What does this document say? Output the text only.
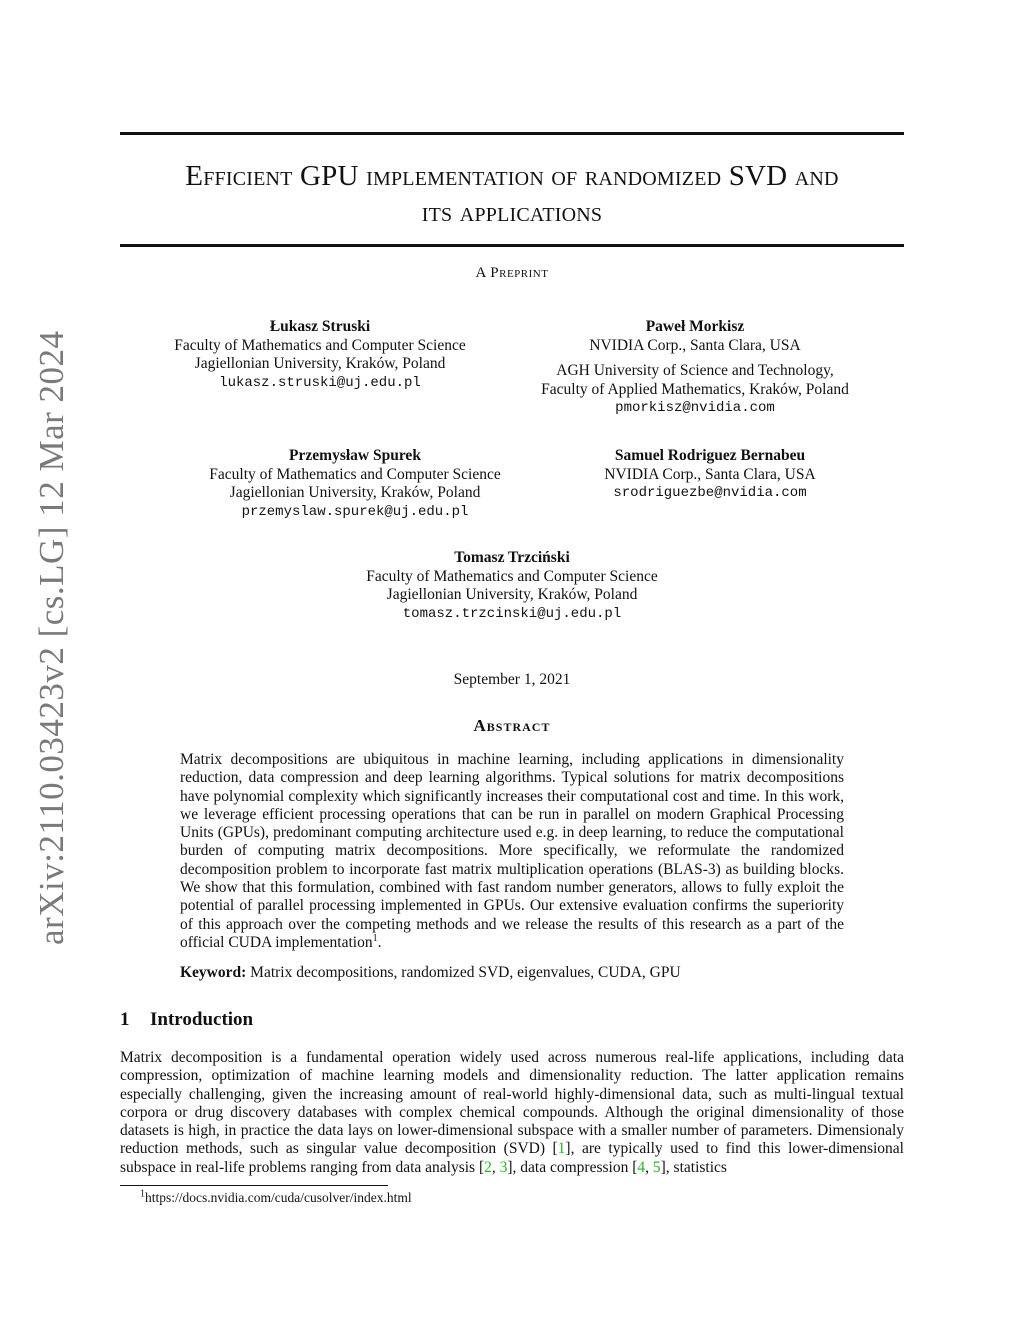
arXiv:2110.03423v2 [cs.LG] 12 Mar 2024
Efficient GPU implementation of randomized SVD and
its applications
A Preprint
Łukasz Struski
Faculty of Mathematics and Computer Science
Jagiellonian University, Kraków, Poland
lukasz.struski@uj.edu.pl
Paweł Morkisz
NVIDIA Corp., Santa Clara, USA
AGH University of Science and Technology,
Faculty of Applied Mathematics, Kraków, Poland
pmorkisz@nvidia.com
Przemysław Spurek
Faculty of Mathematics and Computer Science
Jagiellonian University, Kraków, Poland
przemyslaw.spurek@uj.edu.pl
Samuel Rodriguez Bernabeu
NVIDIA Corp., Santa Clara, USA
srodriguezbe@nvidia.com
Tomasz Trzciński
Faculty of Mathematics and Computer Science
Jagiellonian University, Kraków, Poland
tomasz.trzcinski@uj.edu.pl
September 1, 2021
Abstract
Matrix decompositions are ubiquitous in machine learning, including applications in dimensionality reduction, data compression and deep learning algorithms. Typical solutions for matrix decompositions have polynomial complexity which significantly increases their computational cost and time. In this work, we leverage efficient processing operations that can be run in parallel on modern Graphical Processing Units (GPUs), predominant computing architecture used e.g. in deep learning, to reduce the computational burden of computing matrix decompositions. More specifically, we reformulate the randomized decomposition problem to incorporate fast matrix multiplication operations (BLAS-3) as building blocks. We show that this formulation, combined with fast random number generators, allows to fully exploit the potential of parallel processing implemented in GPUs. Our extensive evaluation confirms the superiority of this approach over the competing methods and we release the results of this research as a part of the official CUDA implementation$^1$.
Keyword: Matrix decompositions, randomized SVD, eigenvalues, CUDA, GPU
1 Introduction
Matrix decomposition is a fundamental operation widely used across numerous real-life applications, including data compression, optimization of machine learning models and dimensionality reduction. The latter application remains especially challenging, given the increasing amount of real-world highly-dimensional data, such as multi-lingual textual corpora or drug discovery databases with complex chemical compounds. Although the original dimensionality of those datasets is high, in practice the data lays on lower-dimensional subspace with a smaller number of parameters. Dimensionaly reduction methods, such as singular value decomposition (SVD) [1], are typically used to find this lower-dimensional subspace in real-life problems ranging from data analysis [2, 3], data compression [4, 5], statistics
$^1$https://docs.nvidia.com/cuda/cusolver/index.html
